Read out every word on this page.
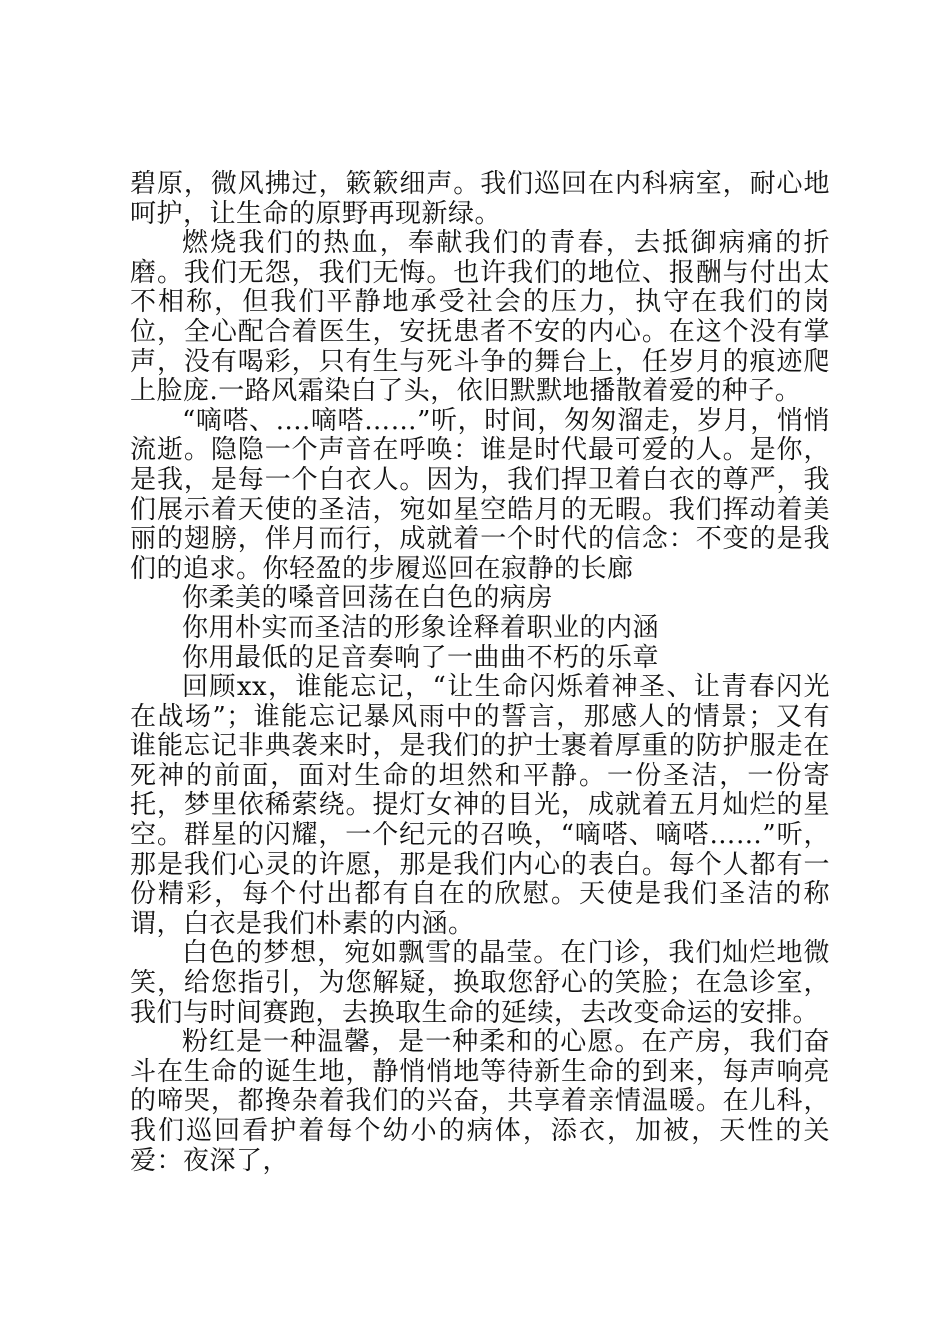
碧原，微风拂过，簌簌细声。我们巡回在内科病室，耐心地呵护，让生命的原野再现新绿。

燃烧我们的热血，奉献我们的青春，去抵御病痛的折磨。我们无怨，我们无悔。也许我们的地位、报酬与付出太不相称，但我们平静地承受社会的压力，执守在我们的岗位，全心配合着医生，安抚患者不安的内心。在这个没有掌声，没有喝彩，只有生与死斗争的舞台上，任岁月的痕迹爬上脸庞.一路风霜染白了头，依旧默默地播散着爱的种子。

“嘀嗒、....嘀嗒……”听，时间，匆匆溜走，岁月，悄悄流逝。隐隐一个声音在呼唤：谁是时代最可爱的人。是你，是我，是每一个白衣人。因为，我们捍卫着白衣的尊严，我们展示着天使的圣洁，宛如星空皓月的无暇。我们挥动着美丽的翅膀，伴月而行，成就着一个时代的信念：不变的是我们的追求。你轻盈的步履巡回在寂静的长廊

你柔美的嗓音回荡在白色的病房

你用朴实而圣洁的形象诠释着职业的内涵

你用最低的足音奏响了一曲曲不朽的乐章

回顾xx，谁能忘记，“让生命闪烁着神圣、让青春闪光在战场”；谁能忘记暴风雨中的誓言，那感人的情景；又有谁能忘记非典袭来时，是我们的护士裹着厚重的防护服走在死神的前面，面对生命的坦然和平静。一份圣洁，一份寄托，梦里依稀萦绕。提灯女神的目光，成就着五月灿烂的星空。群星的闪耀，一个纪元的召唤，“嘀嗒、嘀嗒……”听，那是我们心灵的许愿，那是我们内心的表白。每个人都有一份精彩，每个付出都有自在的欣慰。天使是我们圣洁的称谓，白衣是我们朴素的内涵。

白色的梦想，宛如飘雪的晶莹。在门诊，我们灿烂地微笑，给您指引，为您解疑，换取您舒心的笑脸；在急诊室，我们与时间赛跑，去换取生命的延续，去改变命运的安排。

粉红是一种温馨，是一种柔和的心愿。在产房，我们奋斗在生命的诞生地，静悄悄地等待新生命的到来，每声响亮的啼哭，都搀杂着我们的兴奋，共享着亲情温暖。在儿科，我们巡回看护着每个幼小的病体，添衣，加被，天性的关爱：夜深了，
